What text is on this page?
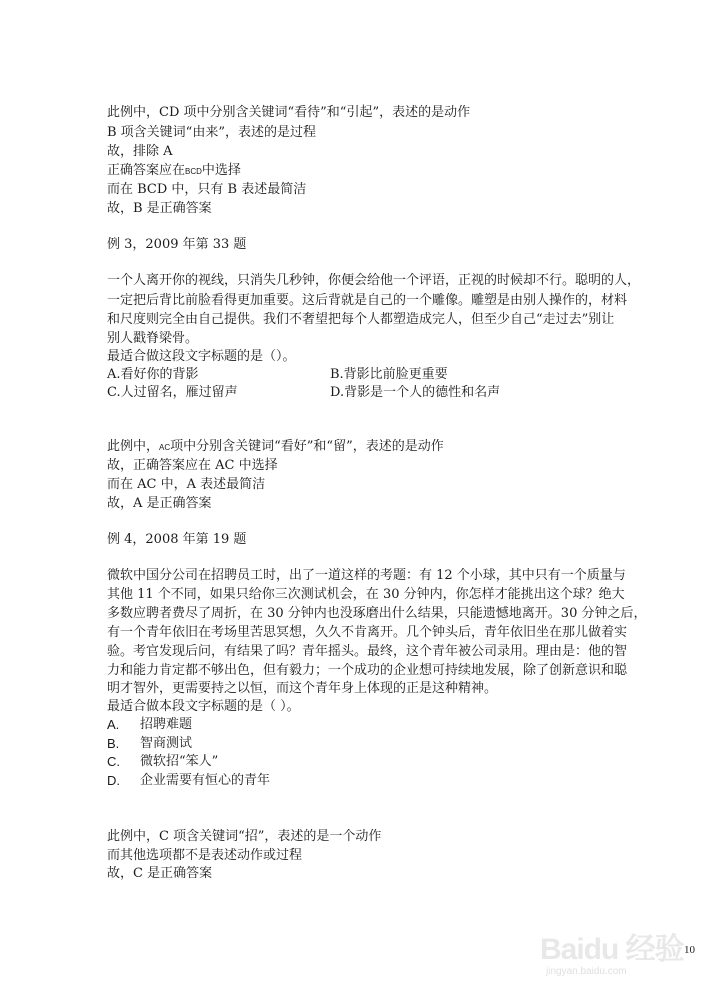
此例中，CD 项中分别含关键词“看待”和“引起”，表述的是动作
B 项含关键词“由来”，表述的是过程
故，排除 A
正确答案应在BCD中选择
而在 BCD 中，只有 B 表述最简洁
故，B 是正确答案
例 3，2009 年第 33 题
一个人离开你的视线，只消失几秒钟，你便会给他一个评语，正视的时候却不行。聪明的人，
一定把后背比前脸看得更加重要。这后背就是自己的一个雕像。雕塑是由别人操作的，材料
和尺度则完全由自己提供。我们不奢望把每个人都塑造成完人，但至少自己“走过去”别让
别人戳脊梁骨。
最适合做这段文字标题的是（）。
A.看好你的背影	B.背影比前脸更重要
C.人过留名，雁过留声	D.背影是一个人的德性和名声
此例中，AC项中分别含关键词“看好”和“留”，表述的是动作
故，正确答案应在 AC 中选择
而在 AC 中，A 表述最简洁
故，A 是正确答案
例 4，2008 年第 19 题
微软中国分公司在招聘员工时，出了一道这样的考题：有 12 个小球，其中只有一个质量与
其他 11 个不同，如果只给你三次测试机会，在 30 分钟内，你怎样才能挑出这个球？绝大
多数应聘者费尽了周折，在 30 分钟内也没琢磨出什么结果，只能遗憾地离开。30 分钟之后，
有一个青年依旧在考场里苦思冥想，久久不肯离开。几个钟头后，青年依旧坐在那儿做着实
验。考官发现后问，有结果了吗？青年摇头。最终，这个青年被公司录用。理由是：他的智
力和能力肯定都不够出色，但有毅力；一个成功的企业想可持续地发展，除了创新意识和聪
明才智外，更需要持之以恒，而这个青年身上体现的正是这种精神。
最适合做本段文字标题的是（ ）。
A. 招聘难题
B. 智商测试
C. 微软招“笨人”
D. 企业需要有恒心的青年
此例中，C 项含关键词“招”，表述的是一个动作
而其他选项都不是表述动作或过程
故，C 是正确答案
Baidu 经验
jingyan.baidu.com
10
